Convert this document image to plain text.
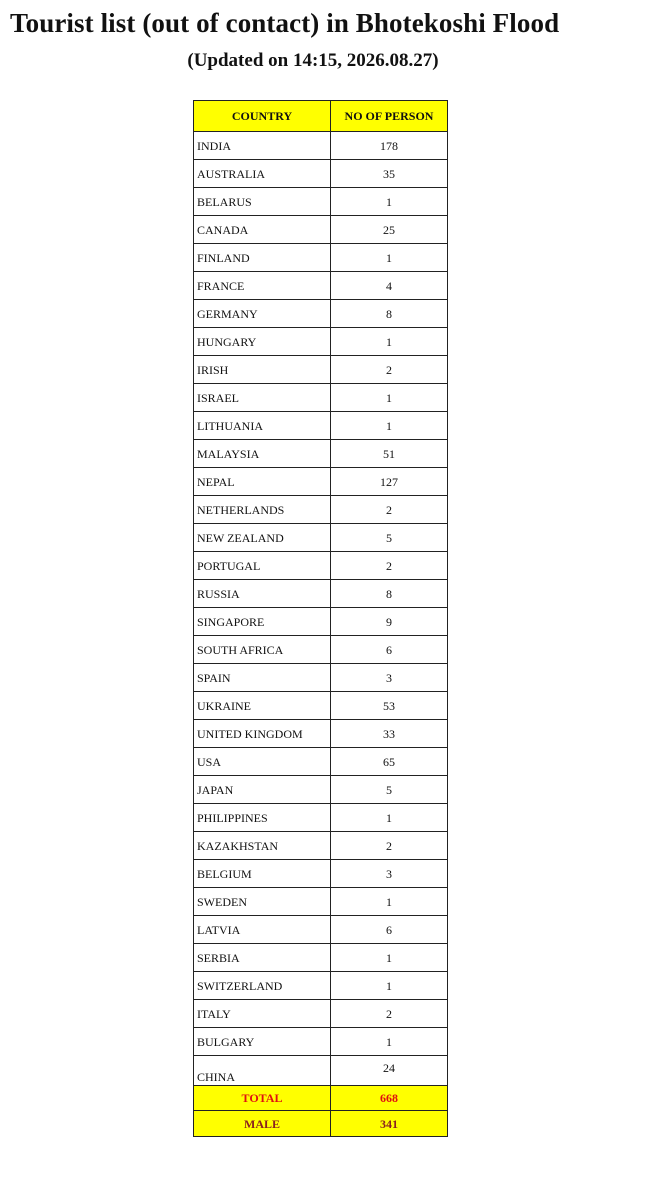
Tourist list (out of contact) in Bhotekoshi Flood
(Updated on 14:15, 2026.08.27)
COUNTRY	NO OF PERSON
INDIA	178
AUSTRALIA	35
BELARUS	1
CANADA	25
FINLAND	1
FRANCE	4
GERMANY	8
HUNGARY	1
IRISH	2
ISRAEL	1
LITHUANIA	1
MALAYSIA	51
NEPAL	127
NETHERLANDS	2
NEW ZEALAND	5
PORTUGAL	2
RUSSIA	8
SINGAPORE	9
SOUTH AFRICA	6
SPAIN	3
UKRAINE	53
UNITED KINGDOM	33
USA	65
JAPAN	5
PHILIPPINES	1
KAZAKHSTAN	2
BELGIUM	3
SWEDEN	1
LATVIA	6
SERBIA	1
SWITZERLAND	1
ITALY	2
BULGARY	1
CHINA	24
TOTAL	668
MALE	341
